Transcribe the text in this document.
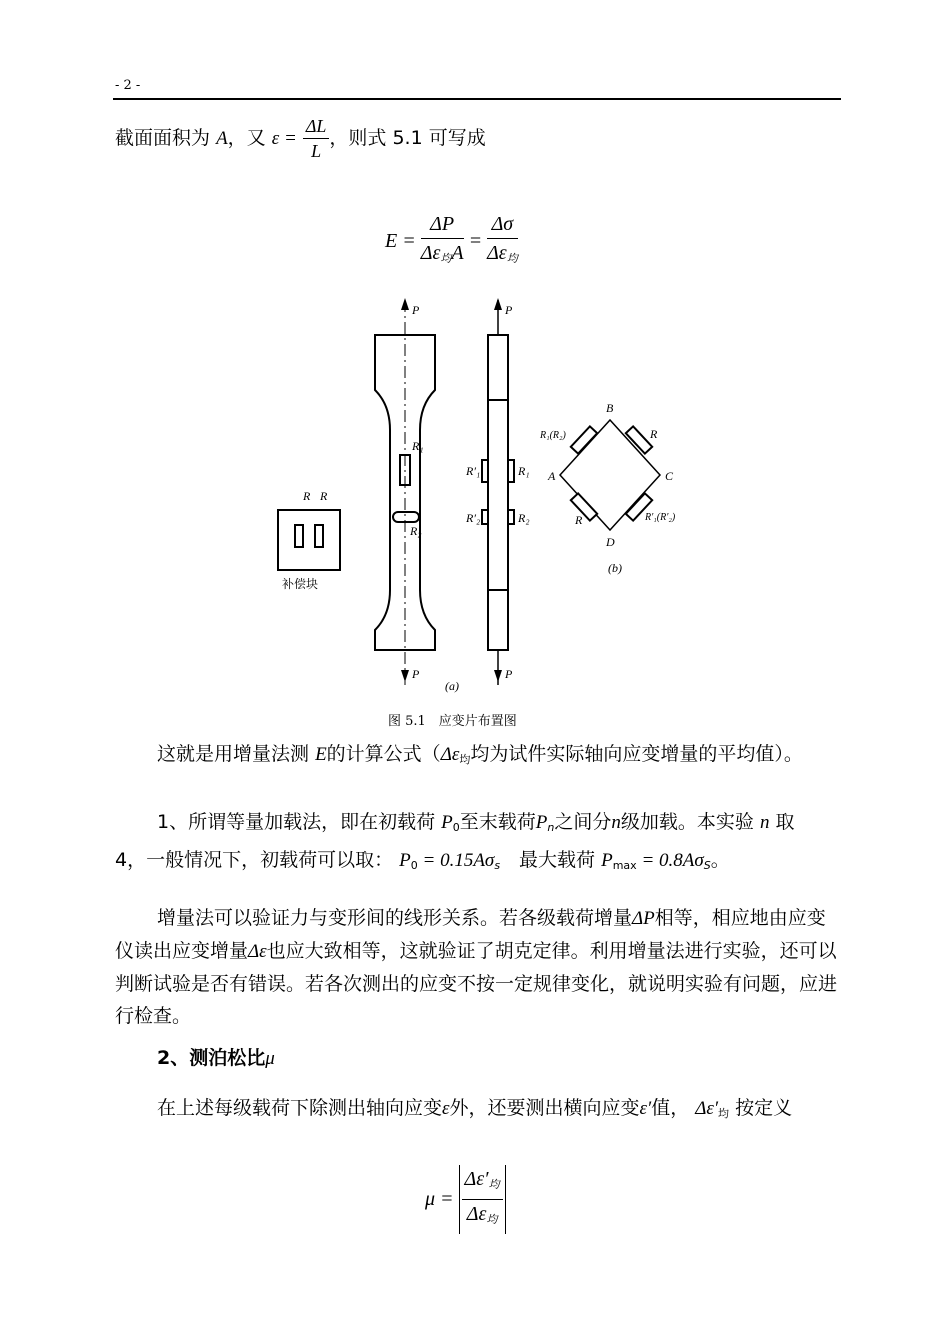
- 2 -
截面面积为 A，又 $\varepsilon = \frac{\Delta L}{L}$ ，则式 5.1 可写成
$E = \frac{\Delta P}{\Delta\varepsilon_均A} = \frac{\Delta\sigma}{\Delta\varepsilon_均}$
P
P
P
P
R₁
R₂
R′₁	R₁
R′₂	R₂
R R
(a)
(b)
A
B
C
D
R₁(R₂)	R
R	R′₁(R′₂)
补偿块
图 5.1　应变片布置图
这就是用增量法测 E的计算公式（$\Delta\varepsilon_均$均为试件实际轴向应变增量的平均值）。
1、所谓等量加载法，即在初载荷 $P_0$至末载荷$P_n$之间分n级加载。本实验 n 取　4，一般情况下，初载荷可以取： $P_0 = 0.15A\sigma_s$　最大载荷 $P_{max} = 0.8A\sigma_S$。
增量法可以验证力与变形间的线形关系。若各级载荷增量ΔP相等，相应地由应变仪读出应变增量Δε也应大致相等，这就验证了胡克定律。利用增量法进行实验，还可以判断试验是否有错误。若各次测出的应变不按一定规律变化，就说明实验有问题，应进行检查。
2、测泊松比μ
在上述每级载荷下除测出轴向应变ε外，还要测出横向应变ε′值， $\Delta\varepsilon'_均$ 按定义
$\mu = \frac{\Delta\varepsilon'_均}{\Delta\varepsilon_均}$
